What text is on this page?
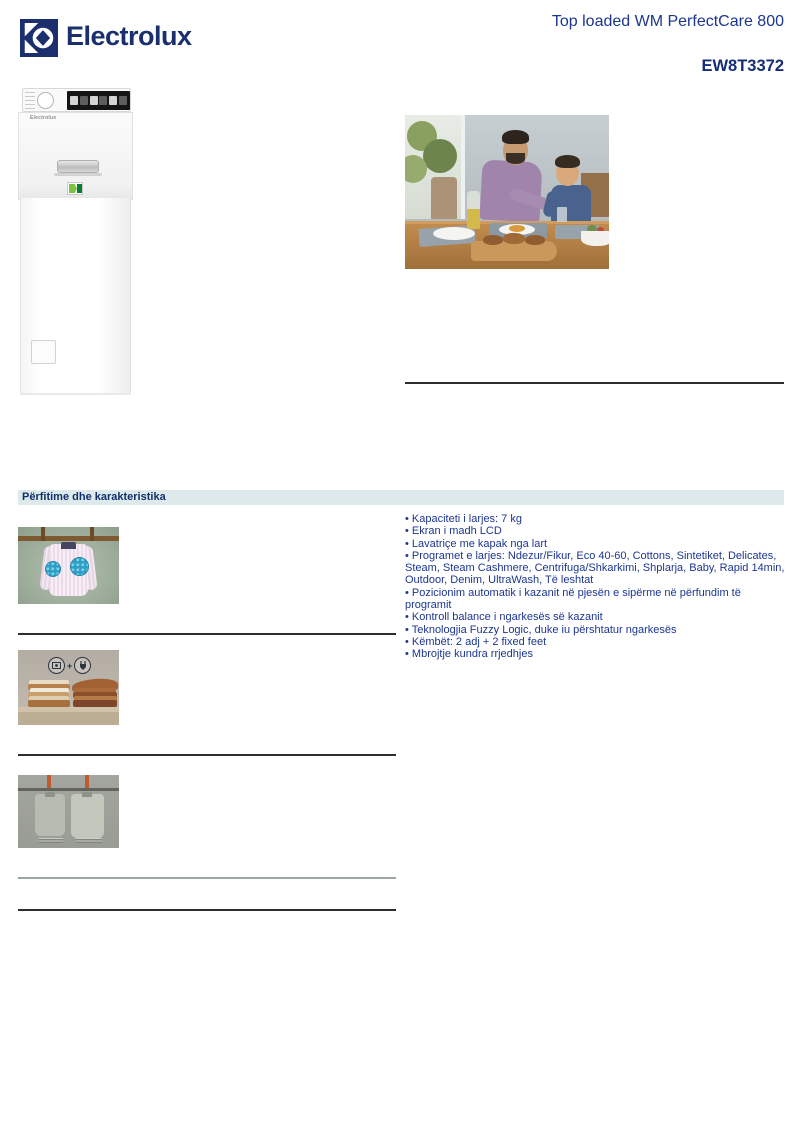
Electrolux	Top loaded WM PerfectCare 800
EW8T3372
Electrolux
Përfitime dhe karakteristika
• Kapaciteti i larjes: 7 kg
• Ekran i madh LCD
• Lavatriçe me kapak nga lart
• Programet e larjes: Ndezur/Fikur, Eco 40-60, Cottons, Sintetiket, Delicates, Steam, Steam Cashmere, Centrifuga/Shkarkimi, Shplarja, Baby, Rapid 14min, Outdoor, Denim, UltraWash, Të leshtat
• Pozicionim automatik i kazanit në pjesën e sipërme në përfundim të programit
• Kontroll balance i ngarkesës së kazanit
• Teknologjia Fuzzy Logic, duke iu përshtatur ngarkesës
• Këmbët: 2 adj + 2 fixed feet
• Mbrojtje kundra rrjedhjes
+
